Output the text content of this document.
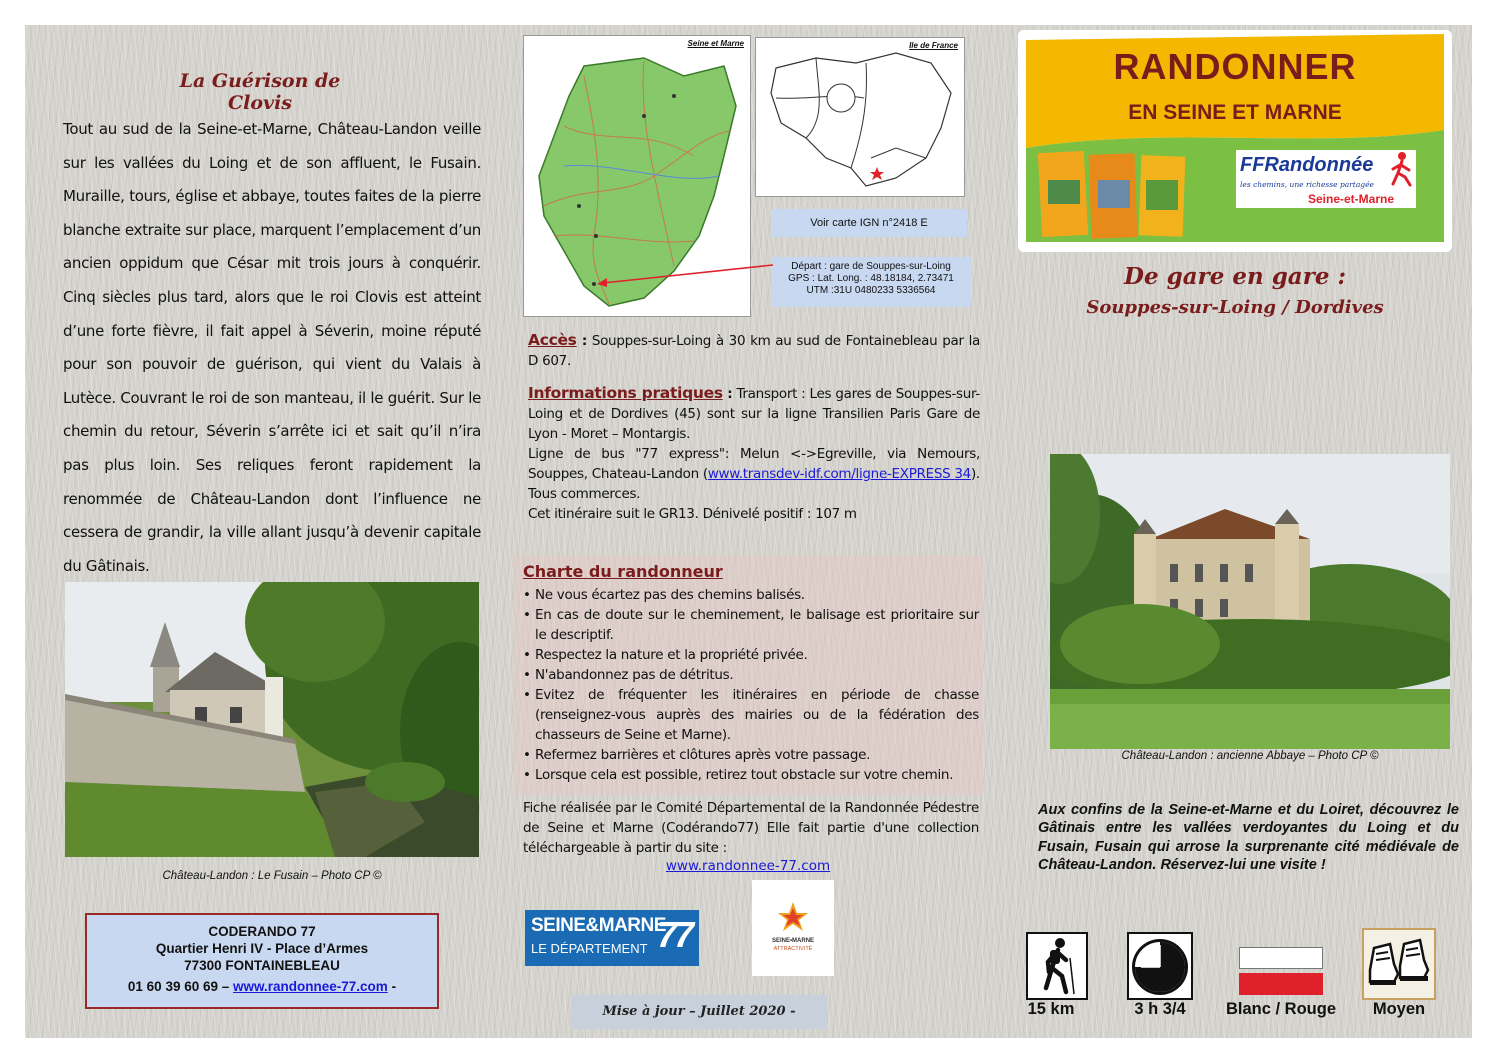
La Guérison de Clovis
Tout au sud de la Seine-et-Marne, Château-Landon veille sur les vallées du Loing et de son affluent, le Fusain. Muraille, tours, église et abbaye, toutes faites de la pierre blanche extraite sur place, marquent l’emplacement d’un ancien oppidum que César mit trois jours à conquérir. Cinq siècles plus tard, alors que le roi Clovis est atteint d’une forte fièvre, il fait appel à Séverin, moine réputé pour son pouvoir de guérison, qui vient du Valais à Lutèce. Couvrant le roi de son manteau, il le guérit. Sur le chemin du retour, Séverin s’arrête ici et sait qu’il n’ira pas plus loin. Ses reliques feront rapidement la renommée de Château-Landon dont l’influence ne cessera de grandir, la ville allant jusqu’à devenir capitale du Gâtinais.
Château-Landon : Le Fusain – Photo CP ©
CODERANDO 77
Quartier Henri IV - Place d’Armes
77300 FONTAINEBLEAU
01 60 39 60 69 – www.randonnee-77.com -
Seine et Marne	Ile de France
Voir carte IGN n°2418 E
Départ : gare de Souppes-sur-Loing
GPS : Lat. Long. : 48.18184, 2.73471
UTM :31U 0480233 5336564
Accès : Souppes-sur-Loing à 30 km au sud de Fontainebleau par la D 607.
Informations pratiques : Transport : Les gares de Souppes-sur-Loing et de Dordives (45) sont sur la ligne Transilien Paris Gare de Lyon - Moret – Montargis.
Ligne de bus "77 express": Melun <->Egreville, via Nemours, Souppes, Chateau-Landon (www.transdev-idf.com/ligne-EXPRESS 34).
Tous commerces.
Cet itinéraire suit le GR13. Dénivelé positif : 107 m
Charte du randonneur
• Ne vous écartez pas des chemins balisés.
• En cas de doute sur le cheminement, le balisage est prioritaire sur le descriptif.
• Respectez la nature et la propriété privée.
• N'abandonnez pas de détritus.
• Evitez de fréquenter les itinéraires en période de chasse (renseignez-vous auprès des mairies ou de la fédération des chasseurs de Seine et Marne).
• Refermez barrières et clôtures après votre passage.
• Lorsque cela est possible, retirez tout obstacle sur votre chemin.
Fiche réalisée par le Comité Départemental de la Randonnée Pédestre de Seine et Marne (Codérando77) Elle fait partie d'une collection téléchargeable à partir du site :
www.randonnee-77.com
SEINE&MARNE
LE DÉPARTEMENT 77	SEINE•MARNE
ATTRACTIVITÉ
Mise à jour – Juillet 2020 -
RANDONNER
EN SEINE ET MARNE
FFRandonnée
les chemins, une richesse partagée
Seine-et-Marne
De gare en gare :
Souppes-sur-Loing / Dordives
Château-Landon : ancienne Abbaye – Photo CP ©
Aux confins de la Seine-et-Marne et du Loiret, découvrez le Gâtinais entre les vallées verdoyantes du Loing et du Fusain, Fusain qui arrose la surprenante cité médiévale de Château-Landon. Réservez-lui une visite !
15 km	3 h 3/4	Blanc / Rouge	Moyen
